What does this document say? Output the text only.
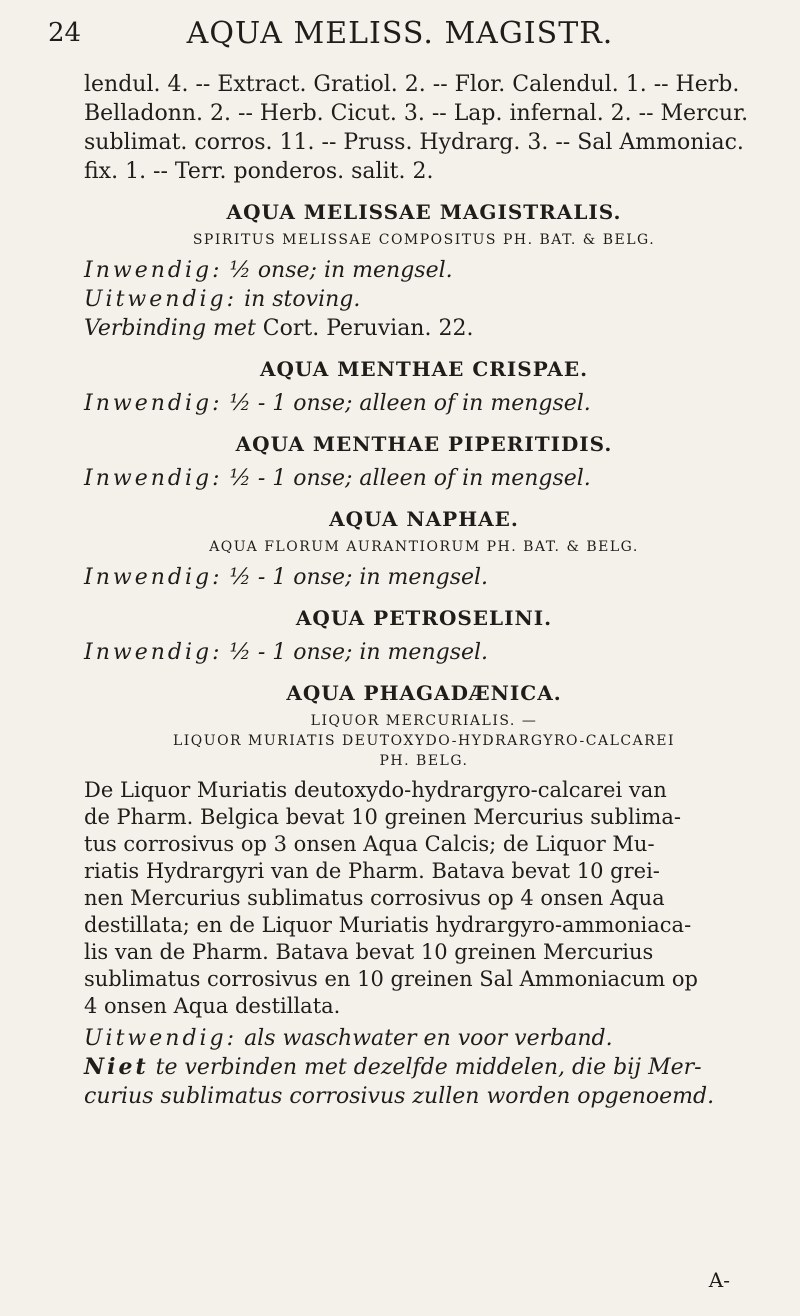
24	AQUA MELISS. MAGISTR.
lendul. 4. -- Extract. Gratiol. 2. -- Flor. Calendul. 1. -- Herb.
Belladonn. 2. -- Herb. Cicut. 3. -- Lap. infernal. 2. -- Mercur.
sublimat. corros. 11. -- Pruss. Hydrarg. 3. -- Sal Ammoniac.
fix. 1. -- Terr. ponderos. salit. 2.
AQUA MELISSAE MAGISTRALIS.
SPIRITUS MELISSAE COMPOSITUS PH. BAT. & BELG.
Inwendig: ½ onse; in mengsel.
Uitwendig: in stoving.
Verbinding met Cort. Peruvian. 22.
AQUA MENTHAE CRISPAE.
Inwendig: ½ - 1 onse; alleen of in mengsel.
AQUA MENTHAE PIPERITIDIS.
Inwendig: ½ - 1 onse; alleen of in mengsel.
AQUA NAPHAE.
AQUA FLORUM AURANTIORUM PH. BAT. & BELG.
Inwendig: ½ - 1 onse; in mengsel.
AQUA PETROSELINI.
Inwendig: ½ - 1 onse; in mengsel.
AQUA PHAGADÆNICA.
LIQUOR MERCURIALIS. —
LIQUOR MURIATIS DEUTOXYDO-HYDRARGYRO-CALCAREI
PH. BELG.
De Liquor Muriatis deutoxydo-hydrargyro-calcarei van
de Pharm. Belgica bevat 10 greinen Mercurius sublima-
tus corrosivus op 3 onsen Aqua Calcis; de Liquor Mu-
riatis Hydrargyri van de Pharm. Batava bevat 10 grei-
nen Mercurius sublimatus corrosivus op 4 onsen Aqua
destillata; en de Liquor Muriatis hydrargyro-ammoniaca-
lis van de Pharm. Batava bevat 10 greinen Mercurius
sublimatus corrosivus en 10 greinen Sal Ammoniacum op
4 onsen Aqua destillata.
Uitwendig: als waschwater en voor verband.
Niet te verbinden met dezelfde middelen, die bij Mer-
curius sublimatus corrosivus zullen worden opgenoemd.
A-
